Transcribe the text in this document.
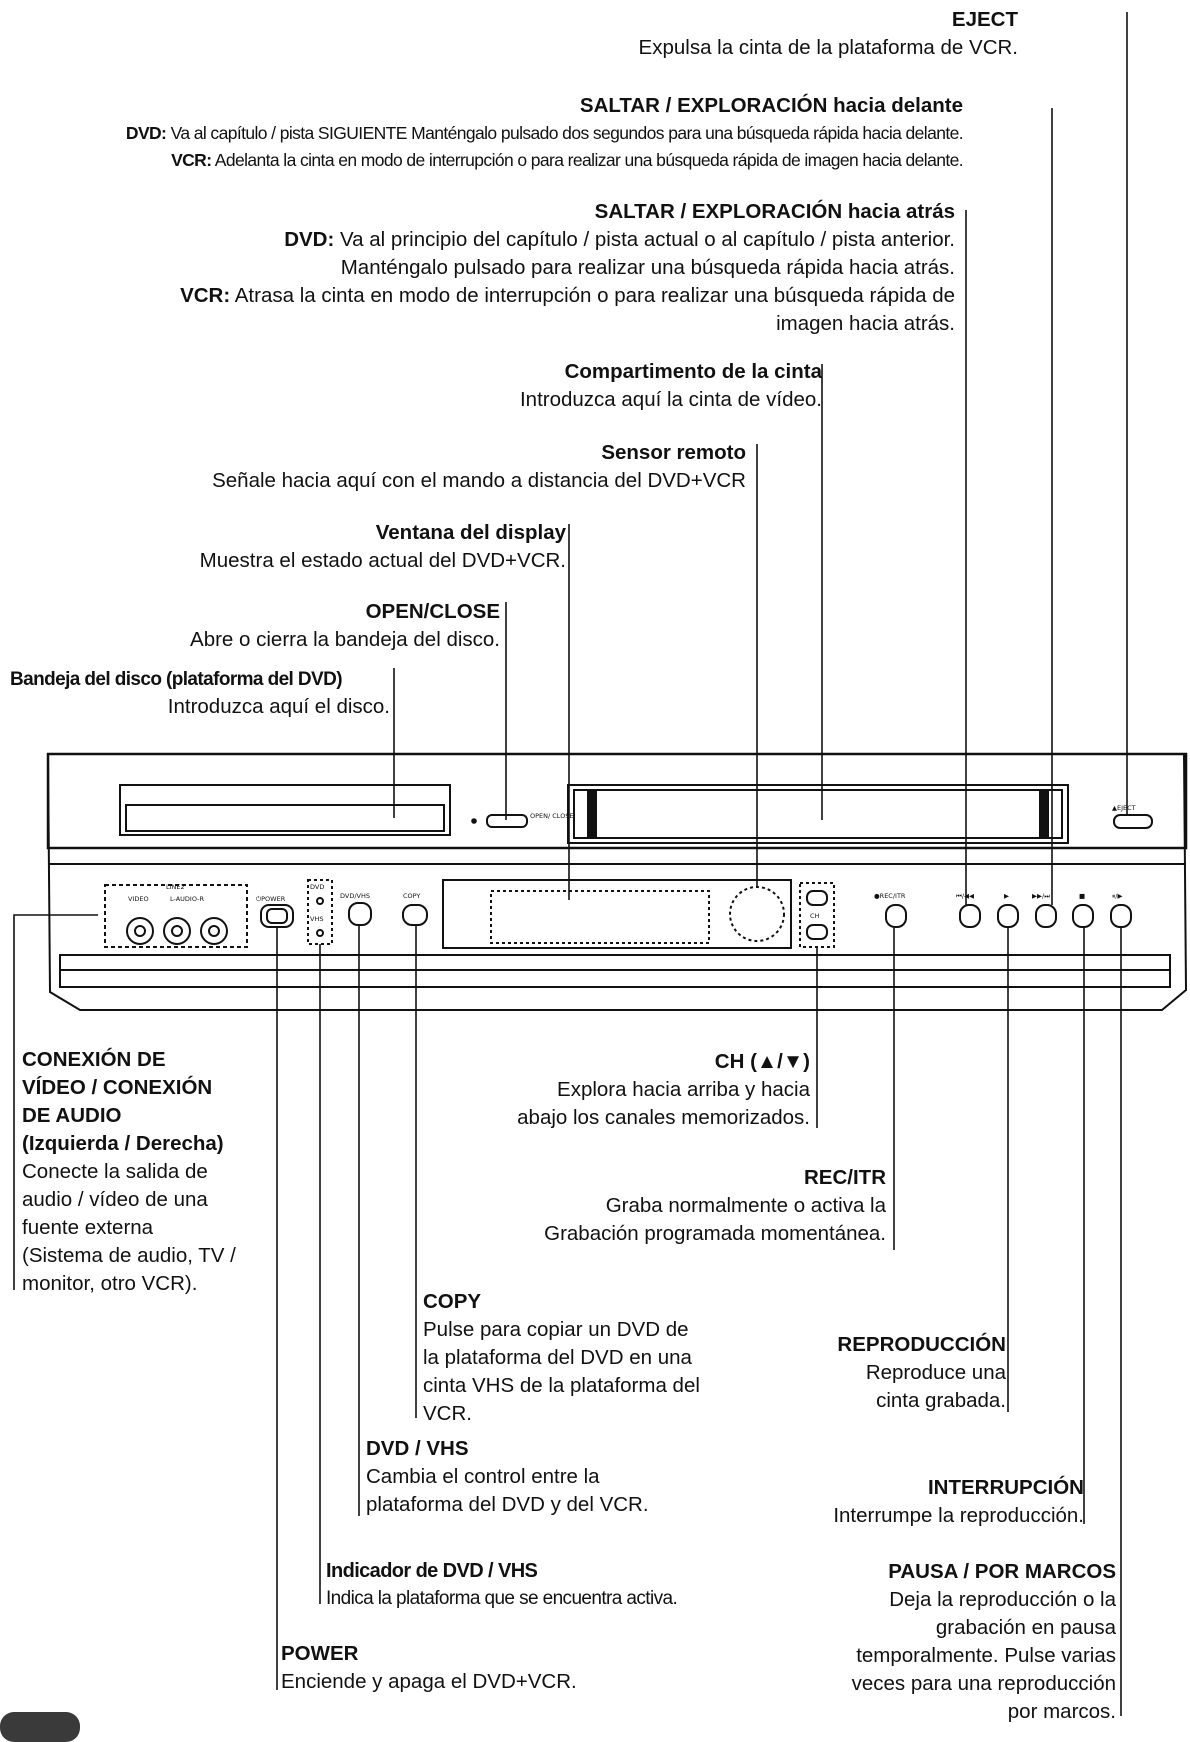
EJECT
Expulsa la cinta de la plataforma de VCR.
SALTAR / EXPLORACIÓN hacia delante
DVD: Va al capítulo / pista SIGUIENTE Manténgalo pulsado dos segundos para una búsqueda rápida hacia delante.
VCR: Adelanta la cinta en modo de interrupción o para realizar una búsqueda rápida de imagen hacia delante.
SALTAR / EXPLORACIÓN hacia atrás
DVD: Va al principio del capítulo / pista actual o al capítulo / pista anterior.
Manténgalo pulsado para realizar una búsqueda rápida hacia atrás.
VCR: Atrasa la cinta en modo de interrupción o para realizar una búsqueda rápida de
imagen hacia atrás.
Compartimento de la cinta
Introduzca aquí la cinta de vídeo.
Sensor remoto
Señale hacia aquí con el mando a distancia del DVD+VCR
Ventana del display
Muestra el estado actual del DVD+VCR.
OPEN/CLOSE
Abre o cierra la bandeja del disco.
Bandeja del disco (plataforma del DVD)
Introduzca aquí el disco.
CONEXIÓN DE
VÍDEO / CONEXIÓN
DE AUDIO
(Izquierda / Derecha)
Conecte la salida de
audio / vídeo de una
fuente externa
(Sistema de audio, TV /
monitor, otro VCR).
CH (▲/▼)
Explora hacia arriba y hacia
abajo los canales memorizados.
REC/ITR
Graba normalmente o activa la
Grabación programada momentánea.
COPY
Pulse para copiar un DVD de
la plataforma del DVD en una
cinta VHS de la plataforma del
VCR.
REPRODUCCIÓN
Reproduce una
cinta grabada.
DVD / VHS
Cambia el control entre la
plataforma del DVD y del VCR.
INTERRUPCIÓN
Interrumpe la reproducción.
Indicador de DVD / VHS
Indica la plataforma que se encuentra activa.
PAUSA / POR MARCOS
Deja la reproducción o la
grabación en pausa
temporalmente. Pulse varias
veces para una reproducción
por marcos.
POWER
Enciende y apaga el DVD+VCR.
▲EJECT
OPEN/ CLOSE
VIDEO
LINE2
L-AUDIO-R	⏻POWER
DVD
VHS
DVD/VHS	COPY
CH
●REC/ITR	⏮/◀◀	▶	▶▶/⏭	■	⏸/▶
